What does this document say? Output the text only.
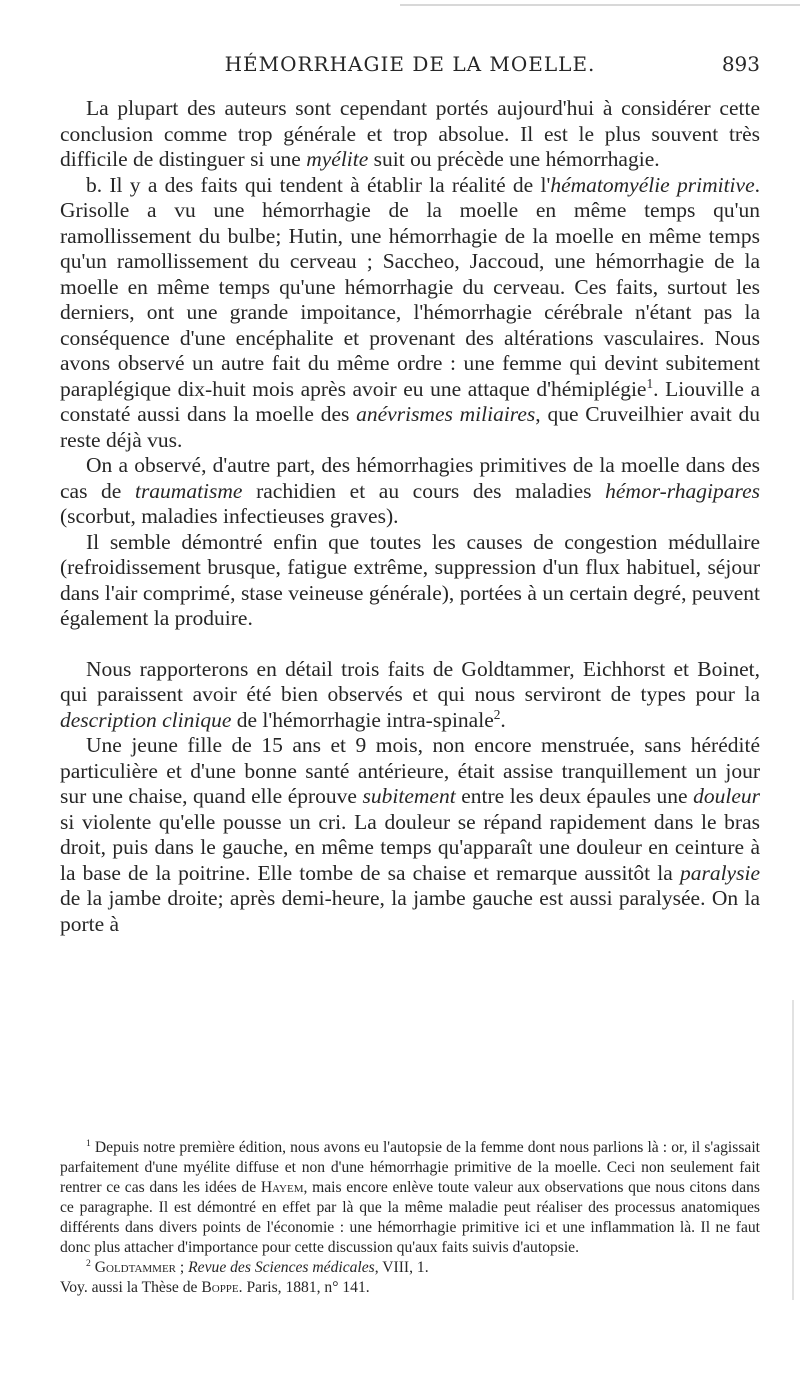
HÉMORRHAGIE DE LA MOELLE.	893

La plupart des auteurs sont cependant portés aujourd'hui à considérer cette conclusion comme trop générale et trop absolue. Il est le plus souvent très difficile de distinguer si une myélite suit ou précède une hémorrhagie.

b. Il y a des faits qui tendent à établir la réalité de l'hématomyélie primitive. Grisolle a vu une hémorrhagie de la moelle en même temps qu'un ramollissement du bulbe; Hutin, une hémorrhagie de la moelle en même temps qu'un ramollissement du cerveau ; Saccheo, Jaccoud, une hémorrhagie de la moelle en même temps qu'une hémorrhagie du cerveau. Ces faits, surtout les derniers, ont une grande impoitance, l'hémorrhagie cérébrale n'étant pas la conséquence d'une encéphalite et provenant des altérations vasculaires. Nous avons observé un autre fait du même ordre : une femme qui devint subitement paraplégique dix-huit mois après avoir eu une attaque d'hémiplégie$^1$. Liouville a constaté aussi dans la moelle des anévrismes miliaires, que Cruveilhier avait du reste déjà vus.

On a observé, d'autre part, des hémorrhagies primitives de la moelle dans des cas de traumatisme rachidien et au cours des maladies hémor-rhagipares (scorbut, maladies infectieuses graves).

Il semble démontré enfin que toutes les causes de congestion médullaire (refroidissement brusque, fatigue extrême, suppression d'un flux habituel, séjour dans l'air comprimé, stase veineuse générale), portées à un certain degré, peuvent également la produire.

Nous rapporterons en détail trois faits de Goldtammer, Eichhorst et Boinet, qui paraissent avoir été bien observés et qui nous serviront de types pour la description clinique de l'hémorrhagie intra-spinale$^2$.

Une jeune fille de 15 ans et 9 mois, non encore menstruée, sans hérédité particulière et d'une bonne santé antérieure, était assise tranquillement un jour sur une chaise, quand elle éprouve subitement entre les deux épaules une douleur si violente qu'elle pousse un cri. La douleur se répand rapidement dans le bras droit, puis dans le gauche, en même temps qu'apparaît une douleur en ceinture à la base de la poitrine. Elle tombe de sa chaise et remarque aussitôt la paralysie de la jambe droite; après demi-heure, la jambe gauche est aussi paralysée. On la porte à

$^1$ Depuis notre première édition, nous avons eu l'autopsie de la femme dont nous parlions là : or, il s'agissait parfaitement d'une myélite diffuse et non d'une hémorrhagie primitive de la moelle. Ceci non seulement fait rentrer ce cas dans les idées de Hayem, mais encore enlève toute valeur aux observations que nous citons dans ce paragraphe. Il est démontré en effet par là que la même maladie peut réaliser des processus anatomiques différents dans divers points de l'économie : une hémorrhagie primitive ici et une inflammation là. Il ne faut donc plus attacher d'importance pour cette discussion qu'aux faits suivis d'autopsie.

$^2$ Goldtammer ; Revue des Sciences médicales, VIII, 1.

Voy. aussi la Thèse de Boppe. Paris, 1881, n° 141.
